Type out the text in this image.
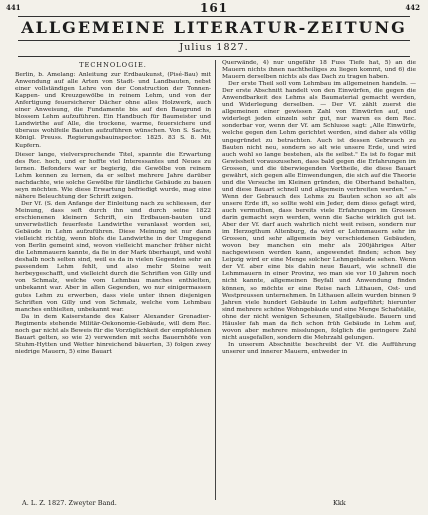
441	161	442
ALLGEMEINE LITERATUR-ZEITUNG
Julius 1827.
TECHNOLOGIE.

Berlin, b. Amelang: Anleitung zur Erdbaukunst, (Pisé-Bau) mit Anwendung auf alle Arten von Stadt- und Landbauten, nebst einer vollständigen Lehre von der Construction der Tonnen-Kappen- und Kreuzgewölbe in reinem Lehm, und von der Anfertigung feuersicherer Dächer ohne alles Holzwerk, auch einer Anweisung, die Fundamente bis auf den Baugrund in blossem Lehm aufzuführen. Ein Handbuch für Baumeister und Landwirthe auf Alle, die trockene, warme, feuersichere und überaus wohlfeile Bauten aufzuführen wünschen. Von S. Sachs, Königl. Preuss. Regierungsbauinspector. 1825. 83 S. 8. Mit Kupfern.

Dieser lange, vielversprechende Titel, spannte die Erwartung des Rec. hoch, und er hoffte viel Interessantes und Neues zu lernen. Befonders war er begierig, die Gewölbe von reinem Lehm kennen zu lernen, da er selbst mehrere Jahre darüber nachdachte, wie solche Gewölbe für ländliche Gebäude zu bauen seyn möchten. Wie diese Erwartung befriedigt wurde, mag eine nähere Beleuchtung der Schrift zeigen.

Der Vf. (S. den Anfange der Einleitung nach zu schliessen, der Meinung, dass seft durch ihn und durch seine 1822 erschienenen kleinern Schrift, ein Erdbauen-bauten und unverwüstlich feuerfeste Landwirthe veranlasst worden sei, Gebäude in Lehm aufzuführen. Diese Meinung ist nur dann vielleicht richtig, wenn blofs die Landwirthe in der Umgegend von Berlin gemeint sind, wovon vielleicht mancher früher nicht die Lehmmauern kannte, da fie in der Mark überhaupt, und wohl deshalb noch selten sind, weil es da in vielen Gegenden sehr an passendem Lehm fehlt, und also mehr Steine weit herbeygeschafft, und vielleicht durch die Schriften von Gilly und von Schmalz, welche vom Lehmbau manches enthielten, unbekannt war. Aber in allen Gegenden, wo nur einigermassen gutes Lehm zu erwerben, dass viele unter ihnen diejenigen Schriften von Gilly und von Schmalz, welche vom Lehmbau manches enthielten, unbekannt war.

Da in dem Kaiserstande des Kaiser Alexander Grenadier-Regiments stehende Militär-Oekonomie-Gebäude, will dem Rec. noch gar nicht als Beweis für die Vorzüglichkeit der empfohlenen Bauart gelten, so wie 2) verwenden mit sechs Bauernhöfe von Stuhm-Hytten und Wetter hinreichend bäuerten, 3) folgen zwey niedrige Mauern, 5) eine Bauart

Querwände, 4) nur ungefähr 18 Fuss Tiefe hat, 5) an die Mauern nichts ihnen nachtheiliges zu liegen kommt, und 6) die Mauern derselben nichts als das Dach zu tragen haben.

Der erste Theil soll vom Lehmbau im allgemeinen handeln. — Der erste Abschnitt handelt von den Einwürfen, die gegen die Anwendbarkeit des Lehms als Baumaterial gemacht werden, und Widerlegung derselben. — Der Vf. zählt zuerst die allgemeinen einer gewissen Zahl von Einwürfen auf, und widerlegt jeden einzeln sehr gut, nur waren es dem Rec. sonderbar vor, wenn der Vf. am Schlusse sagt: „Alle Einwürfe, welche gegen den Lehm gerichtet werden, sind daher als völlig ungegründet zu betrachten. Auch ist dessen Gebrauch zu Bauten nicht neu, sondern so alt wie unsere Erde, und wird auch wohl so lange bestehen, als fie selbst." Es ist fo fogar mit Gewissheit vorauszusehen, dass bald gegen die Erfahrungen im Grossen, und die überwiegenden Vortheile, die diese Bauart gewährt, sich gegen alle Einwendungen, die sich auf die Theorie und die Versuche im Kleinen gründen, die Oberhand behalten, und diese Bauart schnell und allgemein verbreiten werden." — Wenn der Gebrauch des Lehms zu Bauten schon so alt als unsere Erde ift, so sollte wohl ein Jeder, dem diess gefagt wird, auch vermuthen, dass bereits viele Erfahrungen im Grossen darin gemacht seyn werden, wenn die Sache wirklich gut ist. Aber der Vf. darf auch wahrlich nicht weit reisen, sondern nur im Herzogthum Altenburg, da wird er Lehmmauern sehr im Grossen, und sehr allgemein bey verschiedenen Gebäuden, wovon bey manchen ein mehr als 200jähriges Alter nachgewiesen werden kann, angewendet finden; schon bey Leipzig wird er eine Menge solcher Lehmgebäude sehen. Wenn der Vf. aber eine bis dahin neue Bauart, wie schnell die Lehmmauern in einer Provinz, wo man sie vor 10 Jahren noch nicht kannte, allgemeinen Beyfall und Anwendung finden können, so möchte er eine Reise nach Lithauen, Ost- und Westpreussen unternehmen. In Lithauen allein wurden binnen 9 Jahren viele hundert Gebäude in Lehm aufgeführt; hierunter sind mehrere schöne Wohngebäude und eine Menge Schafställe, ohne der nicht wenigen Scheunen, Stallgebäude. Bauern und Häusler fah man da fich schon früh Gebäude in Lehm auf, wovon aber mehrere misslungen, folglich die geringere Zahl nicht ausgefallen, sondern die Mehrzahl gelungen.

In unserem Abschnitte beschreibt der Vf. die Aufführung unserer und innerer Mauern, entweder in

A. L. Z. 1827. Zweyter Band.	Kkk
